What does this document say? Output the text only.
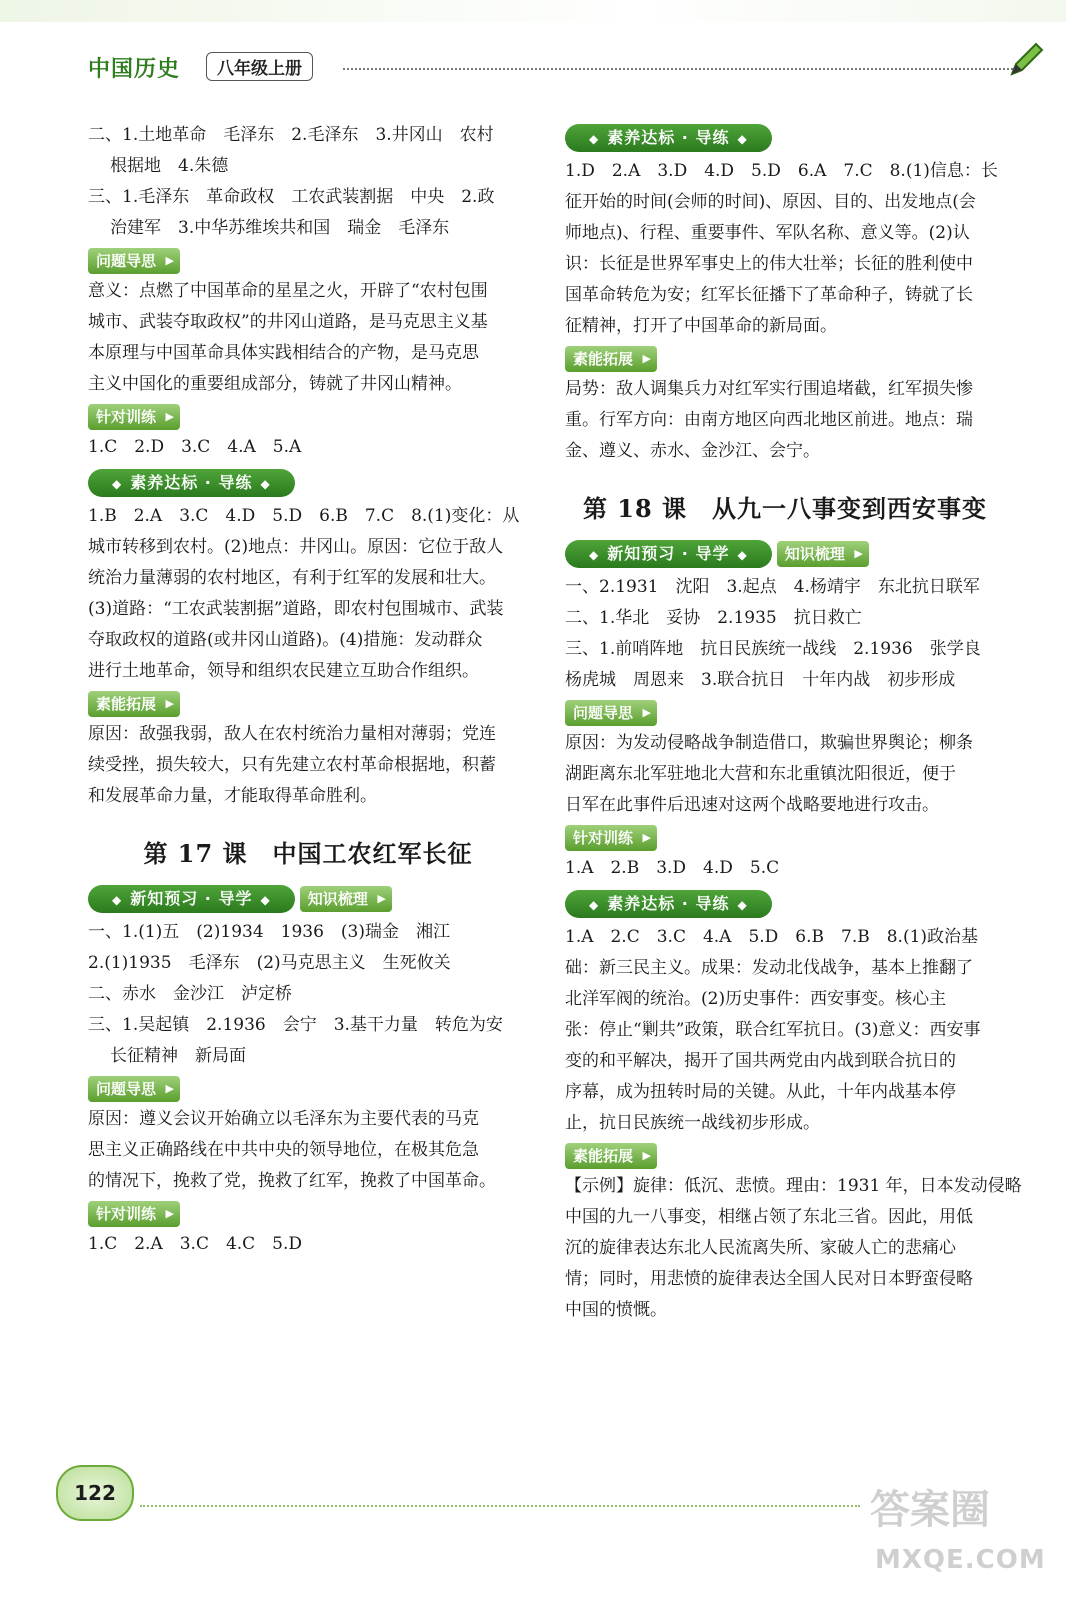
中国历史	八年级上册
二、1.土地革命　毛泽东　2.毛泽东　3.井冈山　农村
根据地　4.朱德
三、1.毛泽东　革命政权　工农武装割据　中央　2.政
治建军　3.中华苏维埃共和国　瑞金　毛泽东
问题导思 ▶
意义：点燃了中国革命的星星之火，开辟了“农村包围
城市、武装夺取政权”的井冈山道路，是马克思主义基
本原理与中国革命具体实践相结合的产物，是马克思
主义中国化的重要组成部分，铸就了井冈山精神。
针对训练 ▶
1.C　2.D　3.C　4.A　5.A
◆ 素养达标 · 导练 ◆
1.B　2.A　3.C　4.D　5.D　6.B　7.C　8.(1)变化：从
城市转移到农村。(2)地点：井冈山。原因：它位于敌人
统治力量薄弱的农村地区，有利于红军的发展和壮大。
(3)道路：“工农武装割据”道路，即农村包围城市、武装
夺取政权的道路(或井冈山道路)。(4)措施：发动群众
进行土地革命，领导和组织农民建立互助合作组织。
素能拓展 ▶
原因：敌强我弱，敌人在农村统治力量相对薄弱；党连
续受挫，损失较大，只有先建立农村革命根据地，积蓄
和发展革命力量，才能取得革命胜利。
第 17 课　中国工农红军长征
◆ 新知预习 · 导学 ◆ 知识梳理 ▶
一、1.(1)五　(2)1934　1936　(3)瑞金　湘江
2.(1)1935　毛泽东　(2)马克思主义　生死攸关
二、赤水　金沙江　泸定桥
三、1.吴起镇　2.1936　会宁　3.基干力量　转危为安
长征精神　新局面
问题导思 ▶
原因：遵义会议开始确立以毛泽东为主要代表的马克
思主义正确路线在中共中央的领导地位，在极其危急
的情况下，挽救了党，挽救了红军，挽救了中国革命。
针对训练 ▶
1.C　2.A　3.C　4.C　5.D
◆ 素养达标 · 导练 ◆
1.D　2.A　3.D　4.D　5.D　6.A　7.C　8.(1)信息：长
征开始的时间(会师的时间)、原因、目的、出发地点(会
师地点)、行程、重要事件、军队名称、意义等。(2)认
识：长征是世界军事史上的伟大壮举；长征的胜利使中
国革命转危为安；红军长征播下了革命种子，铸就了长
征精神，打开了中国革命的新局面。
素能拓展 ▶
局势：敌人调集兵力对红军实行围追堵截，红军损失惨
重。行军方向：由南方地区向西北地区前进。地点：瑞
金、遵义、赤水、金沙江、会宁。
第 18 课　从九一八事变到西安事变
◆ 新知预习 · 导学 ◆ 知识梳理 ▶
一、2.1931　沈阳　3.起点　4.杨靖宇　东北抗日联军
二、1.华北　妥协　2.1935　抗日救亡
三、1.前哨阵地　抗日民族统一战线　2.1936　张学良
杨虎城　周恩来　3.联合抗日　十年内战　初步形成
问题导思 ▶
原因：为发动侵略战争制造借口，欺骗世界舆论；柳条
湖距离东北军驻地北大营和东北重镇沈阳很近，便于
日军在此事件后迅速对这两个战略要地进行攻击。
针对训练 ▶
1.A　2.B　3.D　4.D　5.C
◆ 素养达标 · 导练 ◆
1.A　2.C　3.C　4.A　5.D　6.B　7.B　8.(1)政治基
础：新三民主义。成果：发动北伐战争，基本上推翻了
北洋军阀的统治。(2)历史事件：西安事变。核心主
张：停止“剿共”政策，联合红军抗日。(3)意义：西安事
变的和平解决，揭开了国共两党由内战到联合抗日的
序幕，成为扭转时局的关键。从此，十年内战基本停
止，抗日民族统一战线初步形成。
素能拓展 ▶
【示例】旋律：低沉、悲愤。理由：1931 年，日本发动侵略
中国的九一八事变，相继占领了东北三省。因此，用低
沉的旋律表达东北人民流离失所、家破人亡的悲痛心
情；同时，用悲愤的旋律表达全国人民对日本野蛮侵略
中国的愤慨。
122	答案圈
MXQE.COM
